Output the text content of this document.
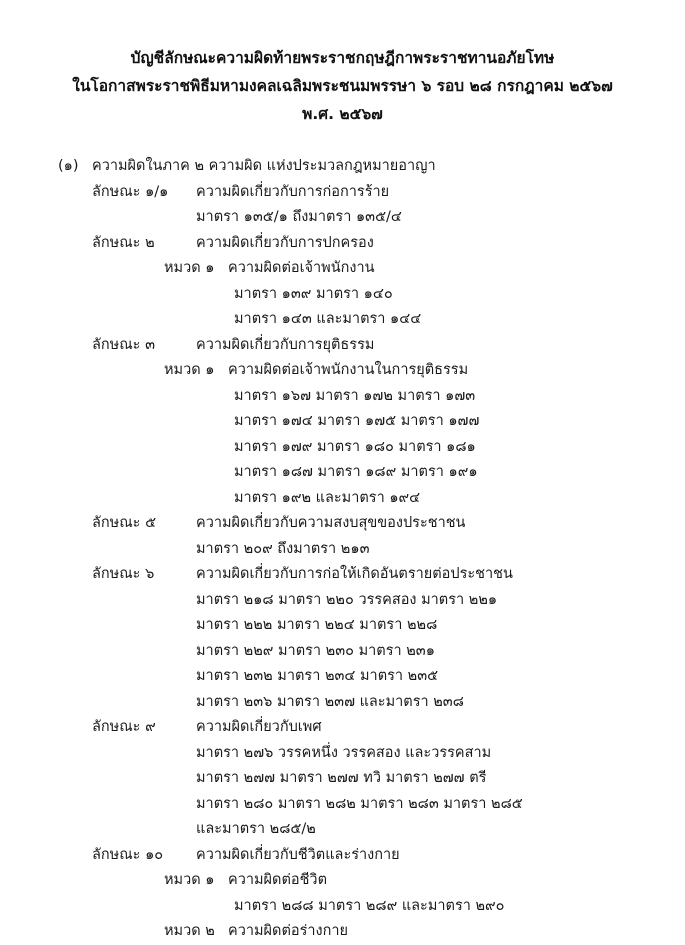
บัญชีลักษณะความผิดท้ายพระราชกฤษฎีกาพระราชทานอภัยโทษ
ในโอกาสพระราชพิธีมหามงคลเฉลิมพระชนมพรรษา ๖ รอบ ๒๘ กรกฎาคม ๒๕๖๗
พ.ศ. ๒๕๖๗
(๑) ความผิดในภาค ๒ ความผิด แห่งประมวลกฎหมายอาญา
ลักษณะ ๑/๑	ความผิดเกี่ยวกับการก่อการร้าย
มาตรา ๑๓๕/๑ ถึงมาตรา ๑๓๕/๔
ลักษณะ ๒	ความผิดเกี่ยวกับการปกครอง
หมวด ๑ ความผิดต่อเจ้าพนักงาน
มาตรา ๑๓๙ มาตรา ๑๔๐
มาตรา ๑๔๓ และมาตรา ๑๔๔
ลักษณะ ๓	ความผิดเกี่ยวกับการยุติธรรม
หมวด ๑ ความผิดต่อเจ้าพนักงานในการยุติธรรม
มาตรา ๑๖๗ มาตรา ๑๗๒ มาตรา ๑๗๓
มาตรา ๑๗๔ มาตรา ๑๗๕ มาตรา ๑๗๗
มาตรา ๑๗๙ มาตรา ๑๘๐ มาตรา ๑๘๑
มาตรา ๑๘๗ มาตรา ๑๘๙ มาตรา ๑๙๑
มาตรา ๑๙๒ และมาตรา ๑๙๔
ลักษณะ ๕	ความผิดเกี่ยวกับความสงบสุขของประชาชน
มาตรา ๒๐๙ ถึงมาตรา ๒๑๓
ลักษณะ ๖	ความผิดเกี่ยวกับการก่อให้เกิดอันตรายต่อประชาชน
มาตรา ๒๑๘ มาตรา ๒๒๐ วรรคสอง มาตรา ๒๒๑
มาตรา ๒๒๒ มาตรา ๒๒๔ มาตรา ๒๒๘
มาตรา ๒๒๙ มาตรา ๒๓๐ มาตรา ๒๓๑
มาตรา ๒๓๒ มาตรา ๒๓๔ มาตรา ๒๓๕
มาตรา ๒๓๖ มาตรา ๒๓๗ และมาตรา ๒๓๘
ลักษณะ ๙	ความผิดเกี่ยวกับเพศ
มาตรา ๒๗๖ วรรคหนึ่ง วรรคสอง และวรรคสาม
มาตรา ๒๗๗ มาตรา ๒๗๗ ทวิ มาตรา ๒๗๗ ตรี
มาตรา ๒๘๐ มาตรา ๒๘๒ มาตรา ๒๘๓ มาตรา ๒๘๕
และมาตรา ๒๘๕/๒
ลักษณะ ๑๐	ความผิดเกี่ยวกับชีวิตและร่างกาย
หมวด ๑ ความผิดต่อชีวิต
มาตรา ๒๘๘ มาตรา ๒๘๙ และมาตรา ๒๙๐
หมวด ๒ ความผิดต่อร่างกาย
